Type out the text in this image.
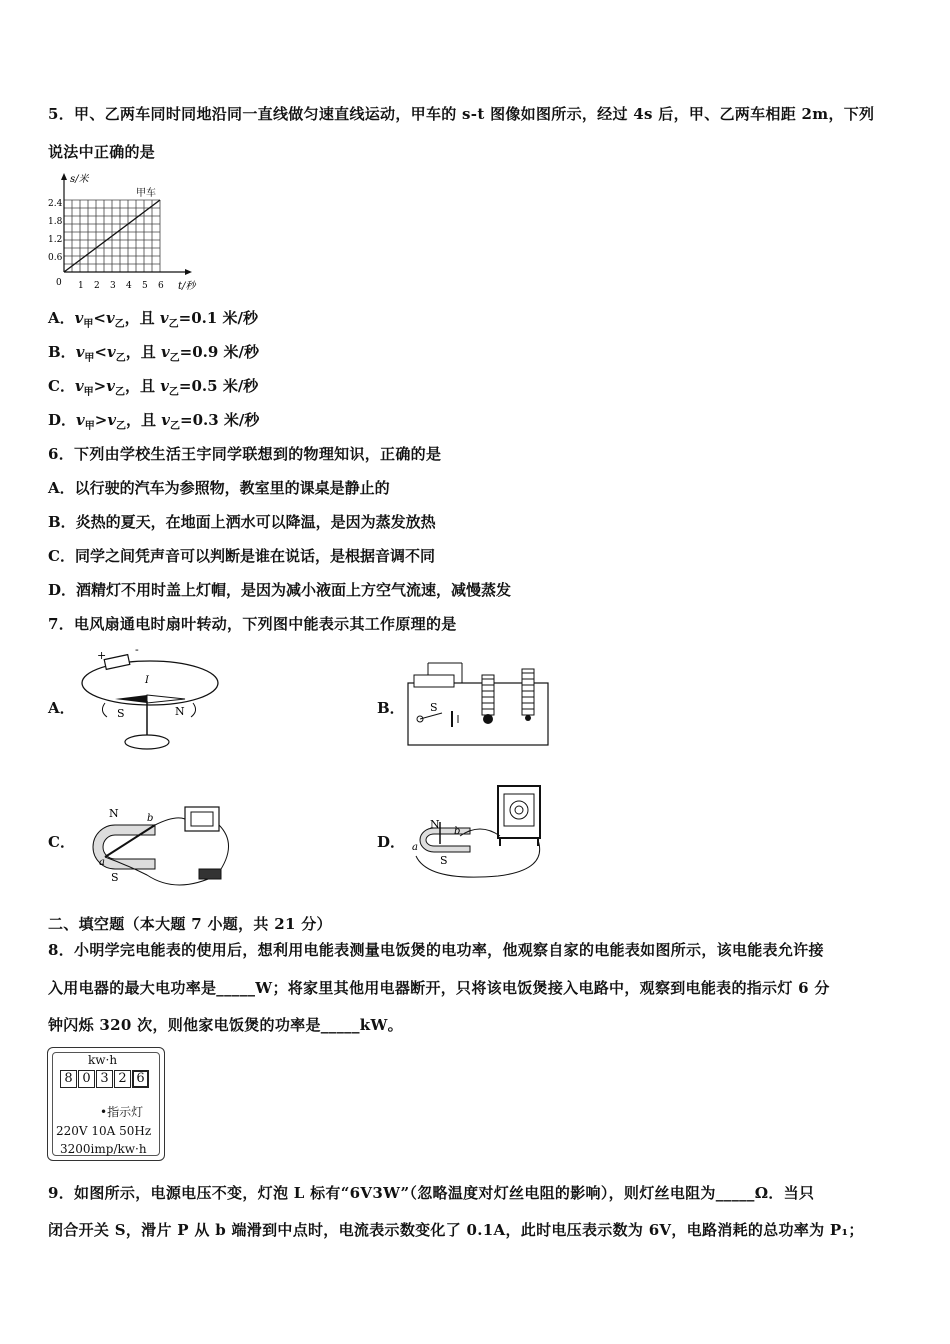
5．甲、乙两车同时同地沿同一直线做匀速直线运动，甲车的 s-t 图像如图所示，经过 4s 后，甲、乙两车相距 2m，下列
说法中正确的是
s/米
甲车
2.4
1.8
1.2
0.6
0 1 2 3 4 5 6 t/秒
A．$v_甲<v_乙$，且 $v_乙=0.1$ 米/秒
B．$v_甲<v_乙$，且 $v_乙=0.9$ 米/秒
C．$v_甲>v_乙$，且 $v_乙=0.5$ 米/秒
D．$v_甲>v_乙$，且 $v_乙=0.3$ 米/秒
6．下列由学校生活王宇同学联想到的物理知识，正确的是
A．以行驶的汽车为参照物，教室里的课桌是静止的
B．炎热的夏天，在地面上洒水可以降温，是因为蒸发放热
C．同学之间凭声音可以判断是谁在说话，是根据音调不同
D．酒精灯不用时盖上灯帽，是因为减小液面上方空气流速，减慢蒸发
7．电风扇通电时扇叶转动，下列图中能表示其工作原理的是
A．
+	-
I
S	N	B． S
C．
N
S
a
b
D．
N
S
a
b
二、填空题（本大题 7 小题，共 21 分）
8．小明学完电能表的使用后，想利用电能表测量电饭煲的电功率，他观察自家的电能表如图所示，该电能表允许接
入用电器的最大电功率是_____W；将家里其他用电器断开，只将该电饭煲接入电路中，观察到电能表的指示灯 6 分
钟闪烁 320 次，则他家电饭煲的功率是_____kW。
kw·h
8 0 3 2 6
•指示灯
220V 10A 50Hz
3200imp/kw·h
9．如图所示，电源电压不变，灯泡 L 标有“6V3W”（忽略温度对灯丝电阻的影响），则灯丝电阻为_____Ω．当只
闭合开关 S，滑片 P 从 b 端滑到中点时，电流表示数变化了 0.1A，此时电压表示数为 6V，电路消耗的总功率为 P₁；
